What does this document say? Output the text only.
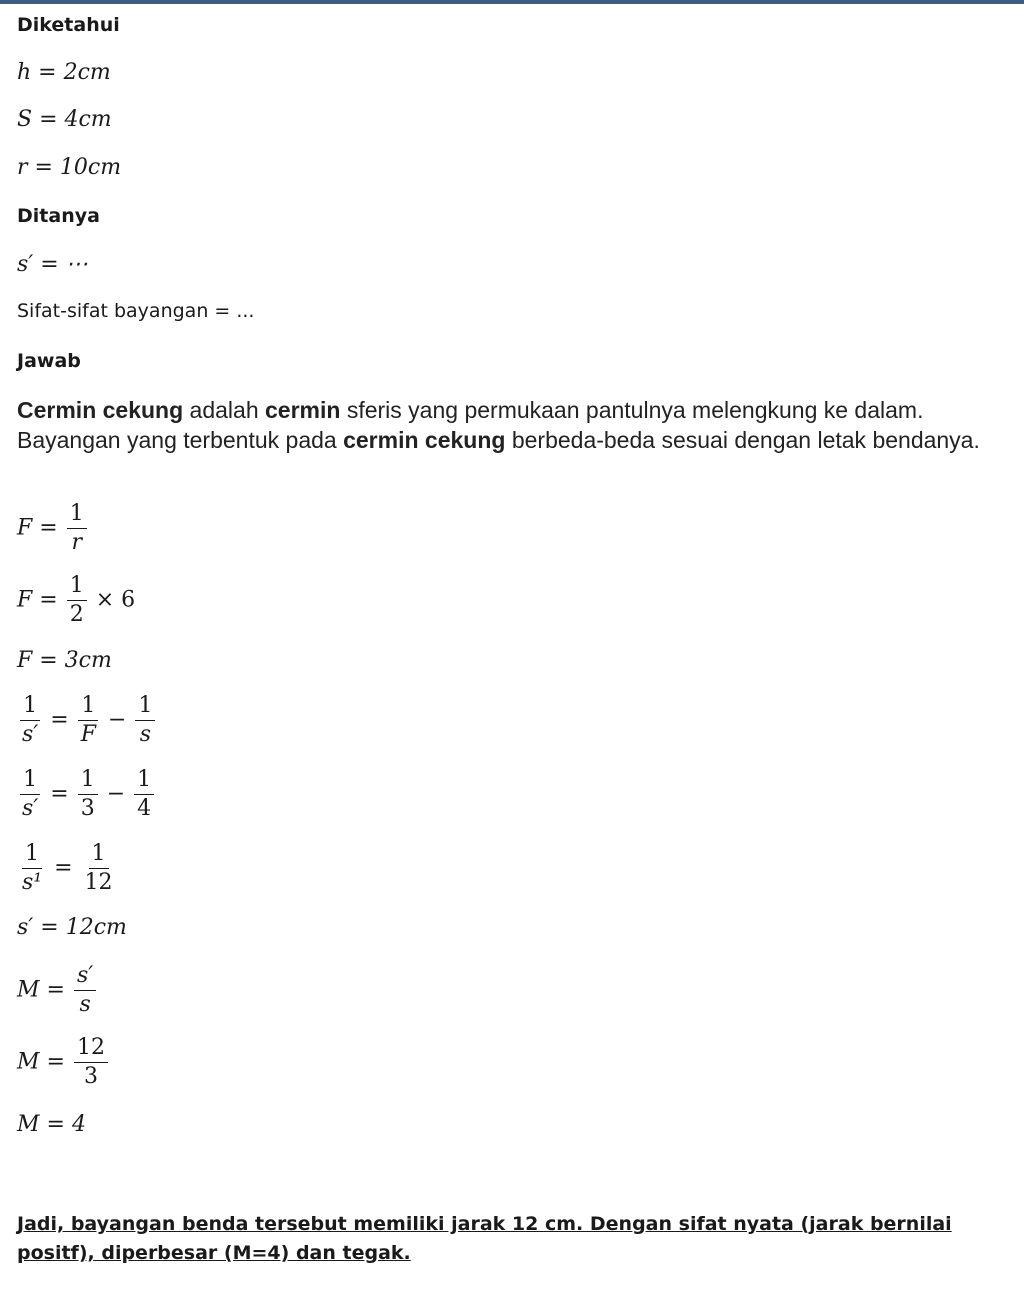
Diketahui
h = 2cm
S = 4cm
r = 10cm
Ditanya
s′ = ⋯
Sifat-sifat bayangan = ...
Jawab
Cermin cekung adalah cermin sferis yang permukaan pantulnya melengkung ke dalam. Bayangan yang terbentuk pada cermin cekung berbeda-beda sesuai dengan letak bendanya.
$F = \frac{1}{r}$
$F = \frac{1}{2} \times 6$
F = 3cm
$\frac{1}{s'} = \frac{1}{F} - \frac{1}{s}$
$\frac{1}{s'} = \frac{1}{3} - \frac{1}{4}$
$\frac{1}{\text{s¹}} = \frac{1}{12}$
s′ = 12cm
$M = \frac{s'}{s}$
$M = \frac{12}{3}$
M = 4
Jadi, bayangan benda tersebut memiliki jarak 12 cm. Dengan sifat nyata (jarak bernilai positf), diperbesar (M=4) dan tegak.
